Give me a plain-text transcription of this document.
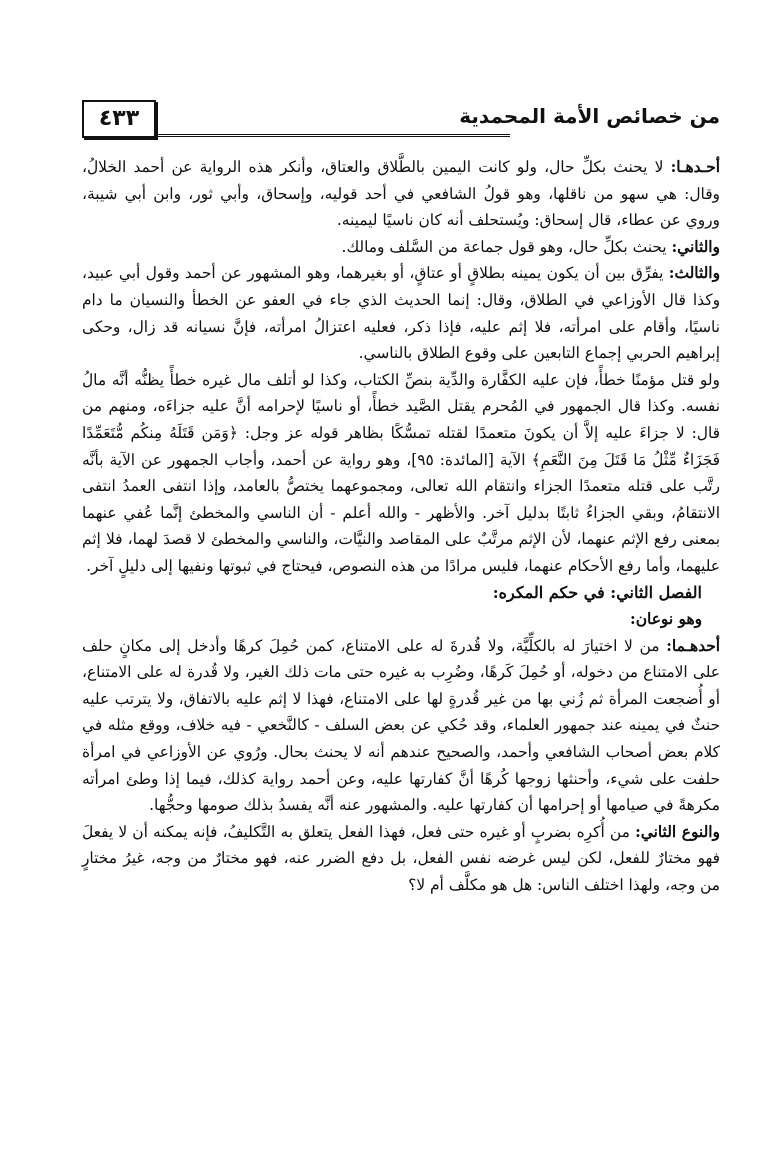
من خصائص الأمة المحمدية
٤٣٣

أحـدهـا: لا يحنث بكلِّ حال، ولو كانت اليمين بالطَّلاق والعتاق، وأنكر هذه الرواية عن أحمد الخلالُ، وقال: هي سهو من ناقلها، وهو قولُ الشافعي في أحد قوليه، وإسحاق، وأبي ثور، وابن أبي شيبة، وروي عن عطاء، قال إسحاق: ويُستحلف أنه كان ناسيًا ليمينه.

والثاني: يحنث بكلِّ حال، وهو قول جماعة من السَّلف ومالك.

والثالث: يفرِّق بين أن يكون يمينه بطلاقٍ أو عتاقٍ، أو بغيرهما، وهو المشهور عن أحمد وقول أبي عبيد، وكذا قال الأوزاعي في الطلاق، وقال: إنما الحديث الذي جاء في العفو عن الخطأ والنسيان ما دام ناسيًا، وأقام على امرأته، فلا إثم عليه، فإذا ذكر، فعليه اعتزالُ امرأته، فإنَّ نسيانه قد زال، وحكى إبراهيم الحربي إجماع التابعين على وقوع الطلاق بالناسي.

ولو قتل مؤمنًا خطأً، فإن عليه الكفَّارة والدِّية بنصِّ الكتاب، وكذا لو أتلف مال غيره خطأً يظنُّه أنَّه مالُ نفسه. وكذا قال الجمهور في المُحرم يقتل الصَّيد خطأً، أو ناسيًا لإحرامه أنَّ عليه جزاءَه، ومنهم من قال: لا جزاءَ عليه إلاَّ أن يكونَ متعمدًا لقتله تمسُّكًا بظاهر قوله عز وجل: ﴿وَمَن قَتَلَهُ مِنكُم مُّتَعَمِّدًا فَجَزَاءٌ مِّثْلُ مَا قَتَلَ مِنَ النَّعَمِ﴾ الآية [المائدة: ٩٥]، وهو رواية عن أحمد، وأجاب الجمهور عن الآية بأنَّه رتَّب على قتله متعمدًا الجزاء وانتقام الله تعالى، ومجموعهما يختصُّ بالعامد، وإذا انتفى العمدُ انتفى الانتقامُ، وبقي الجزاءُ ثابتًا بدليل آخر. والأظهر - والله أعلم - أن الناسي والمخطئ إنَّما عُفي عنهما بمعنى رفع الإثم عنهما، لأن الإثم مرتَّبٌ على المقاصد والنيَّات، والناسي والمخطئ لا قصدَ لهما، فلا إثم عليهما، وأما رفع الأحكام عنهما، فليس مرادًا من هذه النصوص، فيحتاج في ثبوتها ونفيها إلى دليلٍ آخر.

الفصل الثاني: في حكم المكره:

وهو نوعان:

أحدهـما: من لا اختيارَ له بالكلِّيَّة، ولا قُدرةَ له على الامتناع، كمن حُمِلَ كرهًا وأدخل إلى مكانٍ حلف على الامتناع من دخوله، أو حُمِلَ كَرهًا، وضُرِب به غيره حتى مات ذلك الغير، ولا قُدرة له على الامتناع، أو أُضجعت المرأة ثم زُني بها من غير قُدرةٍ لها على الامتناع، فهذا لا إثم عليه بالاتفاق، ولا يترتب عليه حنثٌ في يمينه عند جمهور العلماء، وقد حُكي عن بعض السلف - كالنَّخعي - فيه خلاف، ووقع مثله في كلام بعض أصحاب الشافعي وأحمد، والصحيح عندهم أنه لا يحنث بحال. ورُوي عن الأوزاعي في امرأة حلفت على شيء، وأحنثها زوجها كُرهًا أنَّ كفارتها عليه، وعن أحمد رواية كذلك، فيما إذا وطئ امرأته مكرهةً في صيامها أو إحرامها أن كفارتها عليه. والمشهور عنه أنَّه يفسدُ بذلك صومها وحجُّها.

والنوع الثاني: من أُكرِه بضربٍ أو غيره حتى فعل، فهذا الفعل يتعلق به التَّكليفُ، فإنه يمكنه أن لا يفعلَ فهو مختارٌ للفعل، لكن ليس غرضه نفس الفعل، بل دفع الضرر عنه، فهو مختارٌ من وجه، غيرُ مختارٍ من وجه، ولهذا اختلف الناس: هل هو مكلَّف أم لا؟
